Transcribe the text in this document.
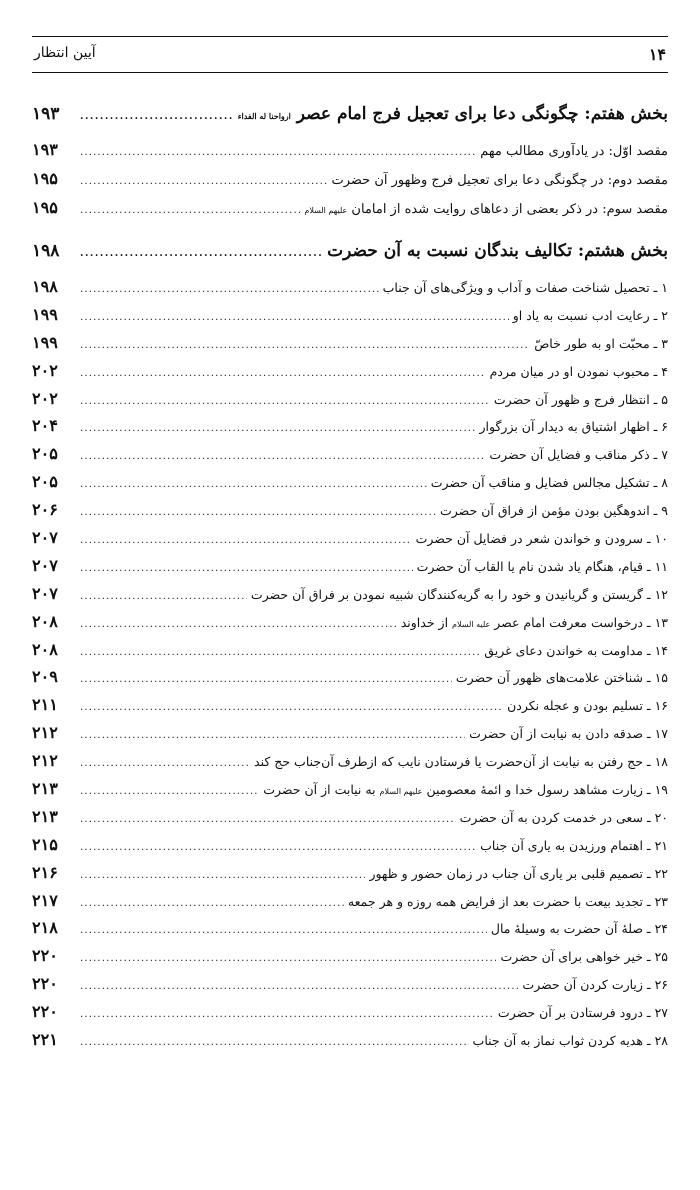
۱۴
آیین انتظار
بخش هفتم: چگونگی دعا برای تعجیل فرج امام عصر ارواحنا له الفداء
. . .
۱۹۳
مقصد اوّل: در یادآوری مطالب مهم
. . .
۱۹۳
مقصد دوم: در چگونگی دعا برای تعجیل فرج وظهور آن حضرت
. . .
۱۹۵
مقصد سوم: در ذکر بعضی از دعاهای روایت شده از امامان علیهم السلام
. . .
۱۹۵
بخش هشتم: تکالیف بندگان نسبت به آن حضرت
. . .
۱۹۸
۱ ـ تحصیل شناخت صفات و آداب و ویژگی‌های آن جناب
. . .
۱۹۸
۲ ـ رعایت ادب نسبت به یاد او
. . .
۱۹۹
۳ ـ محبّت او به طور خاصّ
. . .
۱۹۹
۴ ـ محبوب نمودن او در میان مردم
. . .
۲۰۲
۵ ـ انتظار فرج و ظهور آن حضرت
. . .
۲۰۲
۶ ـ اظهار اشتیاق به دیدار آن بزرگوار
. . .
۲۰۴
۷ ـ ذکر مناقب و فضایل آن حضرت
. . .
۲۰۵
۸ ـ تشکیل مجالس فضایل و مناقب آن حضرت
. . .
۲۰۵
۹ ـ اندوهگین بودن مؤمن از فراق آن حضرت
. . .
۲۰۶
۱۰ ـ سرودن و خواندن شعر در فضایل آن حضرت
. . .
۲۰۷
۱۱ ـ قیام، هنگام یاد شدن نام یا القاب آن حضرت
. . .
۲۰۷
۱۲ ـ گریستن و گریانیدن و خود را به گریه‌کنندگان شبیه نمودن بر فراق آن حضرت
. . .
۲۰۷
۱۳ ـ درخواست معرفت امام عصر علیه السلام از خداوند
. . .
۲۰۸
۱۴ ـ مداومت به خواندن دعای غریق
. . .
۲۰۸
۱۵ ـ شناختن علامت‌های ظهور آن حضرت
. . .
۲۰۹
۱۶ ـ تسلیم بودن و عجله نکردن
. . .
۲۱۱
۱۷ ـ صدقه دادن به نیابت از آن حضرت
. . .
۲۱۲
۱۸ ـ حج رفتن به نیابت از آن‌حضرت یا فرستادن نایب که ازطرف آن‌جناب حج کند
. . .
۲۱۲
۱۹ ـ زیارت مشاهد رسول خدا و ائمهٔ معصومین علیهم السلام به نیابت از آن حضرت
. . .
۲۱۳
۲۰ ـ سعی در خدمت کردن به آن حضرت
. . .
۲۱۳
۲۱ ـ اهتمام ورزیدن به یاری آن جناب
. . .
۲۱۵
۲۲ ـ تصمیم قلبی بر یاری آن جناب در زمان حضور و ظهور
. . .
۲۱۶
۲۳ ـ تجدید بیعت با حضرت بعد از فرایض همه روزه و هر جمعه
. . .
۲۱۷
۲۴ ـ صلهٔ آن حضرت به وسیلهٔ مال
. . .
۲۱۸
۲۵ ـ خیر خواهی برای آن حضرت
. . .
۲۲۰
۲۶ ـ زیارت کردن آن حضرت
. . .
۲۲۰
۲۷ ـ درود فرستادن بر آن حضرت
. . .
۲۲۰
۲۸ ـ هدیه کردن ثواب نماز به آن جناب
. . .
۲۲۱
